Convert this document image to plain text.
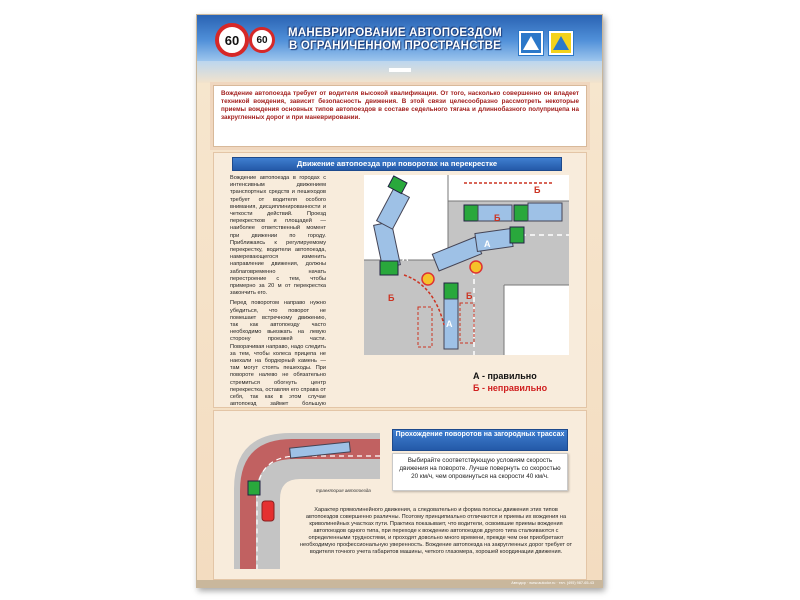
60 60
МАНЕВРИРОВАНИЕ АВТОПОЕЗДОМ В ОГРАНИЧЕННОМ ПРОСТРАНСТВЕ

Вождение автопоезда требует от водителя высокой квалификации. От того, насколько совершенно он владеет техникой вождения, зависит безопасность движения. В этой связи целесообразно рассмотреть некоторые приемы вождения основных типов автопоездов в составе седельного тягача и длиннобазного полуприцепа на закругленных дорог и при маневрировании.

Движение автопоезда при поворотах на перекрестке
Вождение автопоезда в городах с интенсивным движением транспортных средств и пешеходов требует от водителя особого внимания, дисциплинированности и четкости действий. Проезд перекрестков и площадей — наиболее ответственный момент при движении по городу. Приближаясь к регулируемому перекрестку, водители автопоезда, намеревающегося изменить направление движения, должны заблаговременно начать перестроение с тем, чтобы примерно за 20 м от перекрестка закончить его.
Перед поворотом направо нужно убедиться, что поворот не помешает встречному движению, так как автопоезду часто необходимо выезжать на левую сторону проезжей части. Поворачивая направо, надо следить за тем, чтобы колеса прицепа не наехали на бордюрный камень — там могут стоять пешеходы. При повороте налево не обязательно стремиться обогнуть центр перекрестка, оставляя его справа от себя, так как в этом случае автопоезд займет большую
А
Б
А
Б
А
Б
Б
А - правильно
Б - неправильно
траектория автопоезда
Прохождение поворотов на загородных трассах
Выбирайте соответствующую условиям скорость движения на повороте. Лучше повернуть со скоростью 20 км/ч, чем опрокинуться на скорости 40 км/ч.
Характер прямолинейного движения, а следовательно и форма полосы движения этих типов автопоездов совершенно различны. Поэтому принципиально отличаются и приемы их вождения на криволинейных участках пути. Практика показывает, что водители, освоившие приемы вождения автопоездов одного типа, при переходе к вождению автопоездов другого типа сталкиваются с определенными трудностями, и проходят довольно много времени, прежде чем они приобретают необходимую профессиональную уверенность. Вождение автопоезда на закругленных дорог требует от водителя точного учета габаритов машины, четкого глазомера, хорошей координации движения.
Автодор · www.autodor.ru · тел. (495) 987-65-43
